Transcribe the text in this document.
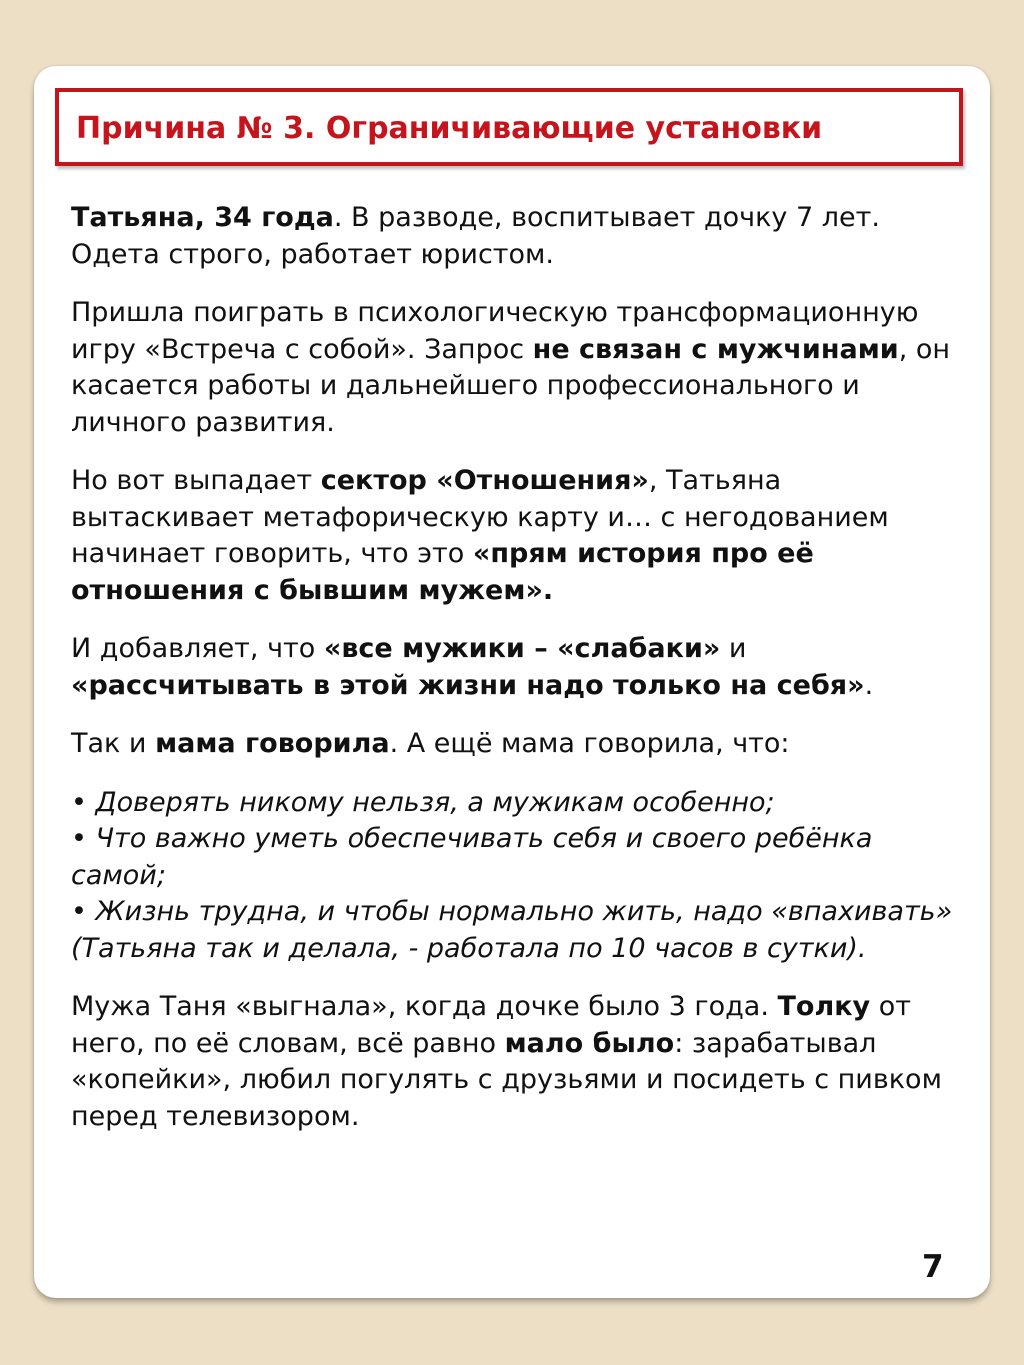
Причина № 3. Ограничивающие установки

Татьяна, 34 года. В разводе, воспитывает дочку 7 лет. Одета строго, работает юристом.

Пришла поиграть в психологическую трансформационную игру «Встреча с собой». Запрос не связан с мужчинами, он касается работы и дальнейшего профессионального и личного развития.

Но вот выпадает сектор «Отношения», Татьяна вытаскивает метафорическую карту и… с негодованием начинает говорить, что это «прям история про её отношения с бывшим мужем».

И добавляет, что «все мужики – «слабаки» и «рассчитывать в этой жизни надо только на себя».

Так и мама говорила. А ещё мама говорила, что:

• Доверять никому нельзя, а мужикам особенно;
• Что важно уметь обеспечивать себя и своего ребёнка самой;
• Жизнь трудна, и чтобы нормально жить, надо «впахивать» (Татьяна так и делала, - работала по 10 часов в сутки).

Мужа Таня «выгнала», когда дочке было 3 года. Толку от него, по её словам, всё равно мало было: зарабатывал «копейки», любил погулять с друзьями и посидеть с пивком перед телевизором.

7
